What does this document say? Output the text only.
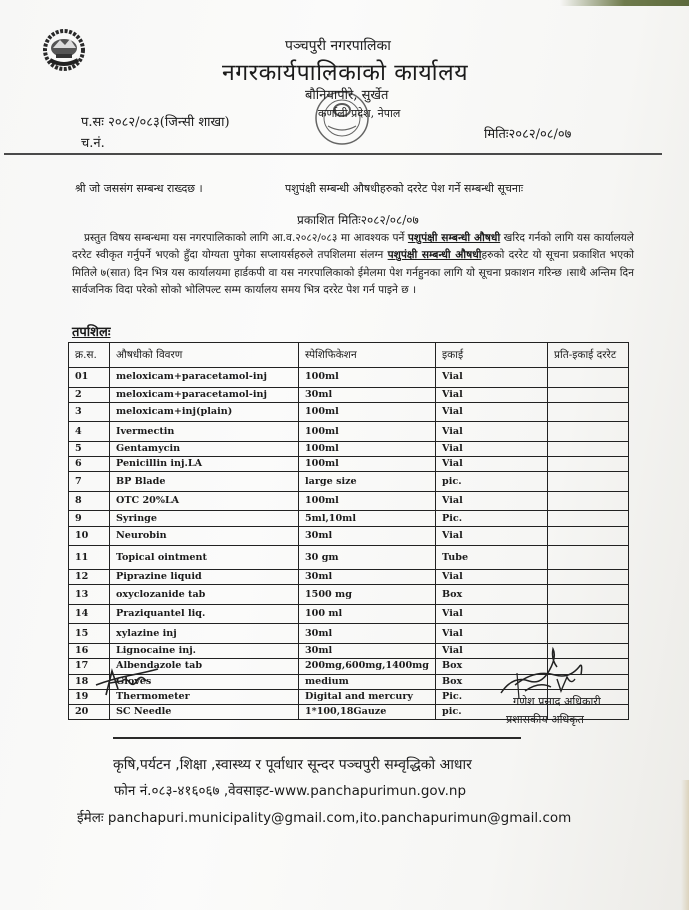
पञ्चपुरी नगरपालिका
नगरकार्यपालिकाको कार्यालय
बौनियापीरे, सुर्खेत
कर्णाली प्रदेश, नेपाल
प.सः २०८२/०८३(जिन्सी शाखा)
च.नं.
मितिः२०८२/०८/०७
श्री जो जससंग सम्बन्ध राख्दछ ।	पशुपंक्षी सम्बन्धी औषधीहरुको दररेट पेश गर्ने सम्बन्धी सूचनाः
प्रकाशित मितिः२०८२/०८/०७
प्रस्तुत विषय सम्बन्धमा यस नगरपालिकाको लागि आ.व.२०८२/०८३ मा आवश्यक पर्ने पशुपंक्षी सम्बन्धी औषधी खरिद गर्नको लागि यस कार्यालयले दररेट स्वीकृत गर्नुपर्ने भएको हुँदा योग्यता पुगेका सप्लायर्सहरुले तपशिलमा संलग्न पशुपंक्षी सम्बन्धी औषधीहरुको दररेट यो सूचना प्रकाशित भएको मितिले ७(सात) दिन भित्र यस कार्यालयमा हार्डकपी वा यस नगरपालिकाको ईमेलमा पेश गर्नहुनका लागि यो सूचना प्रकाशन गरिन्छ ।साथै अन्तिम दिन सार्वजनिक विदा परेको सोको भोलिपल्ट सम्म कार्यालय समय भित्र दररेट पेश गर्न पाइने छ ।
तपशिलः
क्र.स.	औषधीको विवरण	स्पेशिफिकेशन	इकाई	प्रति-इकाई दररेट
01	meloxicam+paracetamol-inj	100ml	Vial	
2	meloxicam+paracetamol-inj	30ml	Vial	
3	meloxicam+inj(plain)	100ml	Vial	
4	Ivermectin	100ml	Vial	
5	Gentamycin	100ml	Vial	
6	Penicillin inj.LA	100ml	Vial	
7	BP Blade	large size	pic.	
8	OTC 20%LA	100ml	Vial	
9	Syringe	5ml,10ml	Pic.	
10	Neurobin	30ml	Vial	
11	Topical ointment	30 gm	Tube	
12	Piprazine liquid	30ml	Vial	
13	oxyclozanide tab	1500 mg	Box	
14	Praziquantel liq.	100 ml	Vial	
15	xylazine inj	30ml	Vial	
16	Lignocaine inj.	30ml	Vial	
17	Albendazole tab	200mg,600mg,1400mg	Box	
18	Gloves	medium	Box	
19	Thermometer	Digital and mercury	Pic.	
20	SC Needle	1*100,18Gauze	pic.	
गणेश प्रसाद अधिकारी
प्रशासकीय अधिकृत
कृषि,पर्यटन ,शिक्षा ,स्वास्थ्य र पूर्वाधार सून्दर पञ्चपुरी सम्वृद्धिको आधार
फोन नं.०८३-४१६०६७ ,वेवसाइट-www.panchapurimun.gov.np
ईमेलः panchapuri.municipality@gmail.com,ito.panchapurimun@gmail.com
